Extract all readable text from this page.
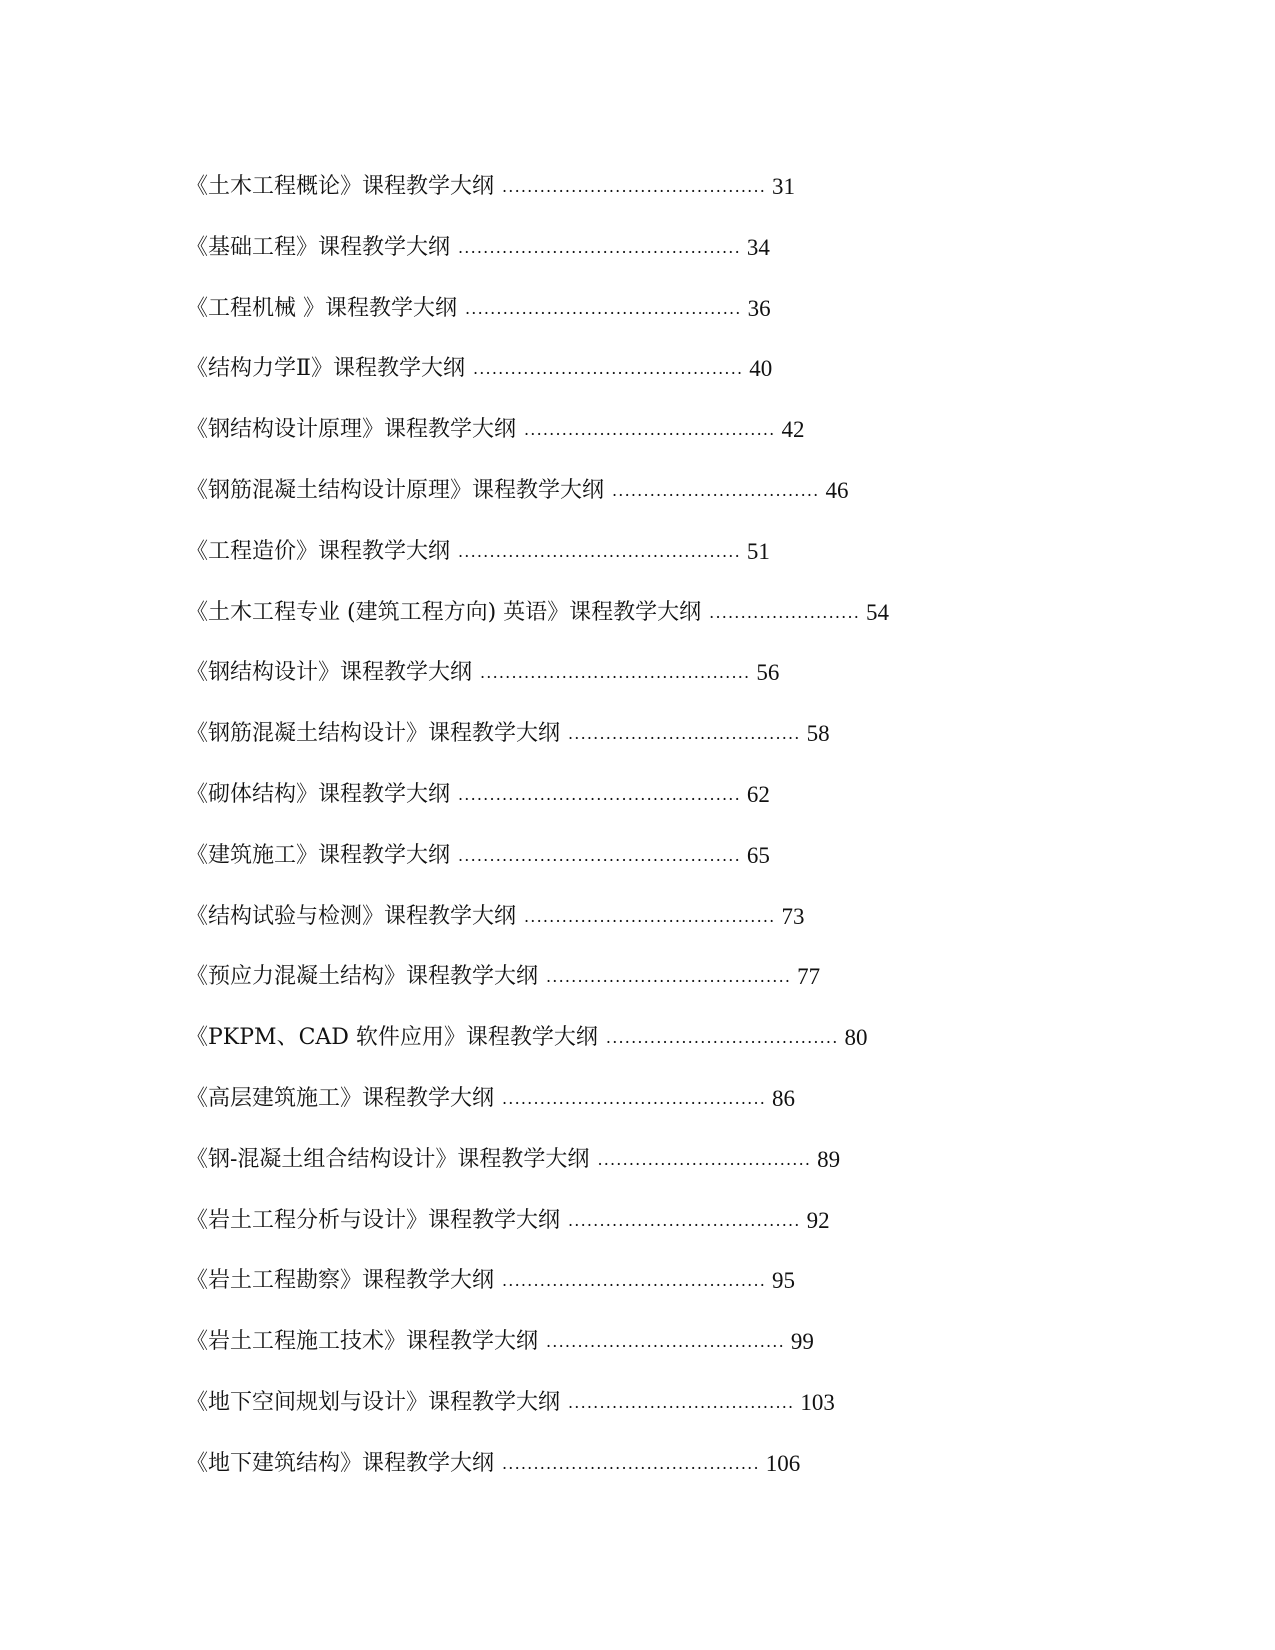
《土木工程概论》课程教学大纲 .......................................... 31
《基础工程》课程教学大纲 ............................................. 34
《工程机械 》课程教学大纲 ............................................ 36
《结构力学Ⅱ》课程教学大纲 ........................................... 40
《钢结构设计原理》课程教学大纲 ........................................ 42
《钢筋混凝土结构设计原理》课程教学大纲 ................................. 46
《工程造价》课程教学大纲 ............................................. 51
《土木工程专业 (建筑工程方向) 英语》课程教学大纲 ........................ 54
《钢结构设计》课程教学大纲 ........................................... 56
《钢筋混凝土结构设计》课程教学大纲 ..................................... 58
《砌体结构》课程教学大纲 ............................................. 62
《建筑施工》课程教学大纲 ............................................. 65
《结构试验与检测》课程教学大纲 ........................................ 73
《预应力混凝土结构》课程教学大纲 ....................................... 77
《PKPM、CAD 软件应用》课程教学大纲 ..................................... 80
《高层建筑施工》课程教学大纲 .......................................... 86
《钢-混凝土组合结构设计》课程教学大纲 .................................. 89
《岩土工程分析与设计》课程教学大纲 ..................................... 92
《岩土工程勘察》课程教学大纲 .......................................... 95
《岩土工程施工技术》课程教学大纲 ...................................... 99
《地下空间规划与设计》课程教学大纲 .................................... 103
《地下建筑结构》课程教学大纲 ......................................... 106
